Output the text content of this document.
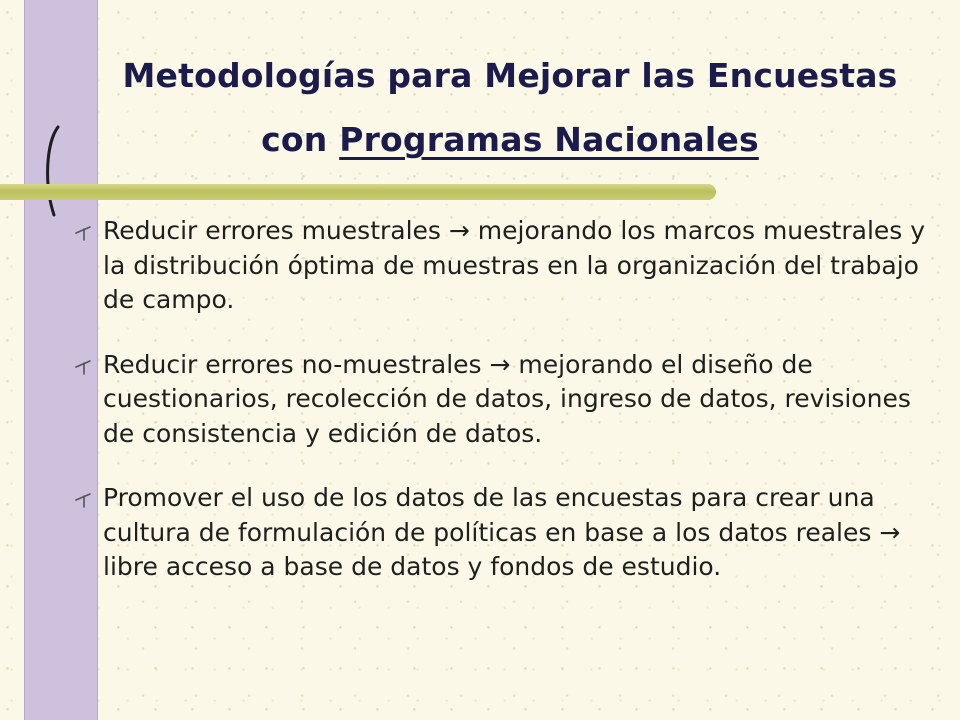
Metodologías para Mejorar las Encuestas
con Programas Nacionales
Reducir errores muestrales → mejorando los marcos muestrales y la distribución óptima de muestras en la organización del trabajo de campo.
Reducir errores no-muestrales → mejorando el diseño de cuestionarios, recolección de datos, ingreso de datos, revisiones de consistencia y edición de datos.
Promover el uso de los datos de las encuestas para crear una cultura de formulación de políticas en base a los datos reales → libre acceso a base de datos y fondos de estudio.
